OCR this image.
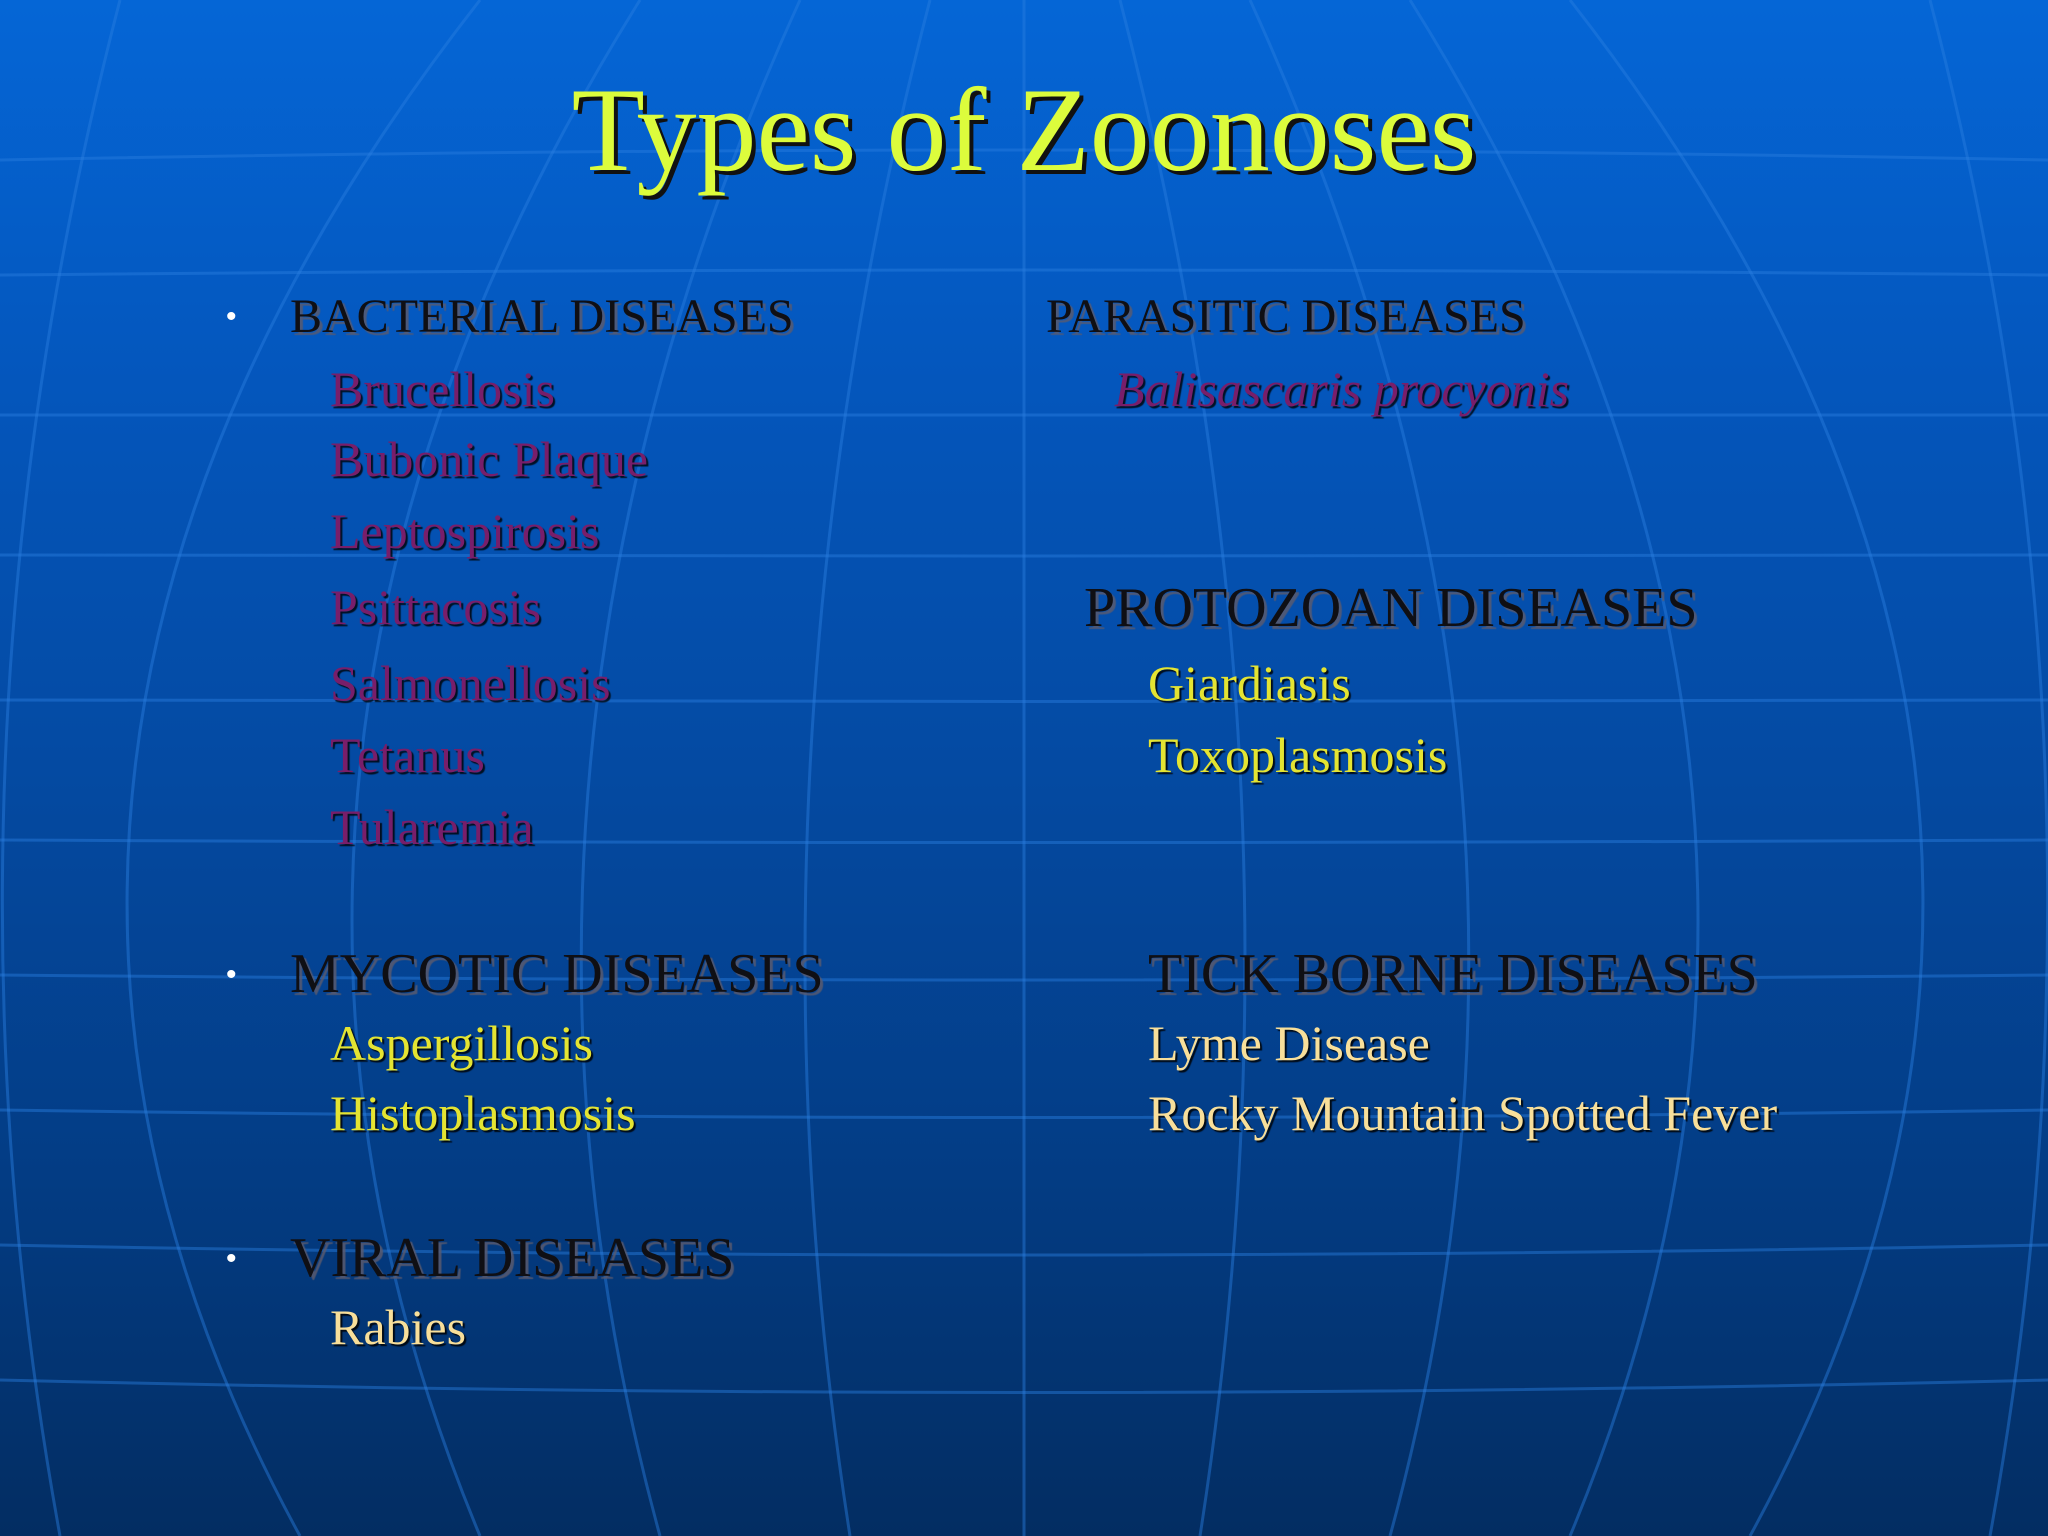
Types of Zoonoses
• BACTERIAL DISEASES
Brucellosis
Bubonic Plaque
Leptospirosis
Psittacosis
Salmonellosis
Tetanus
Tularemia
• MYCOTIC DISEASES
Aspergillosis
Histoplasmosis
• VIRAL DISEASES
Rabies
PARASITIC DISEASES
Balisascaris procyonis
PROTOZOAN DISEASES
Giardiasis
Toxoplasmosis
TICK BORNE DISEASES
Lyme Disease
Rocky Mountain Spotted Fever
